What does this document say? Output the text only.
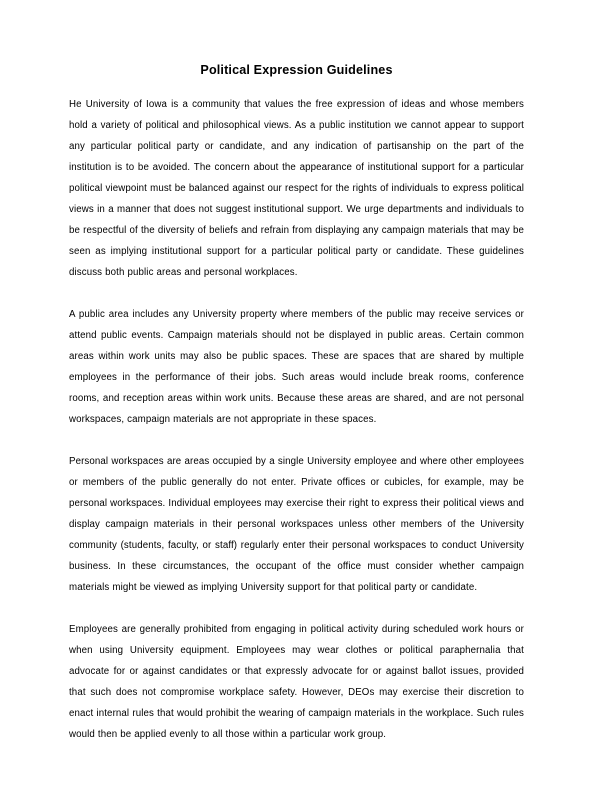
Political Expression Guidelines

He University of Iowa is a community that values the free expression of ideas and whose members hold a variety of political and philosophical views. As a public institution we cannot appear to support any particular political party or candidate, and any indication of partisanship on the part of the institution is to be avoided. The concern about the appearance of institutional support for a particular political viewpoint must be balanced against our respect for the rights of individuals to express political views in a manner that does not suggest institutional support. We urge departments and individuals to be respectful of the diversity of beliefs and refrain from displaying any campaign materials that may be seen as implying institutional support for a particular political party or candidate. These guidelines discuss both public areas and personal workplaces.

A public area includes any University property where members of the public may receive services or attend public events. Campaign materials should not be displayed in public areas. Certain common areas within work units may also be public spaces. These are spaces that are shared by multiple employees in the performance of their jobs. Such areas would include break rooms, conference rooms, and reception areas within work units. Because these areas are shared, and are not personal workspaces, campaign materials are not appropriate in these spaces.

Personal workspaces are areas occupied by a single University employee and where other employees or members of the public generally do not enter. Private offices or cubicles, for example, may be personal workspaces. Individual employees may exercise their right to express their political views and display campaign materials in their personal workspaces unless other members of the University community (students, faculty, or staff) regularly enter their personal workspaces to conduct University business. In these circumstances, the occupant of the office must consider whether campaign materials might be viewed as implying University support for that political party or candidate.

Employees are generally prohibited from engaging in political activity during scheduled work hours or when using University equipment. Employees may wear clothes or political paraphernalia that advocate for or against candidates or that expressly advocate for or against ballot issues, provided that such does not compromise workplace safety. However, DEOs may exercise their discretion to enact internal rules that would prohibit the wearing of campaign materials in the workplace. Such rules would then be applied evenly to all those within a particular work group.
